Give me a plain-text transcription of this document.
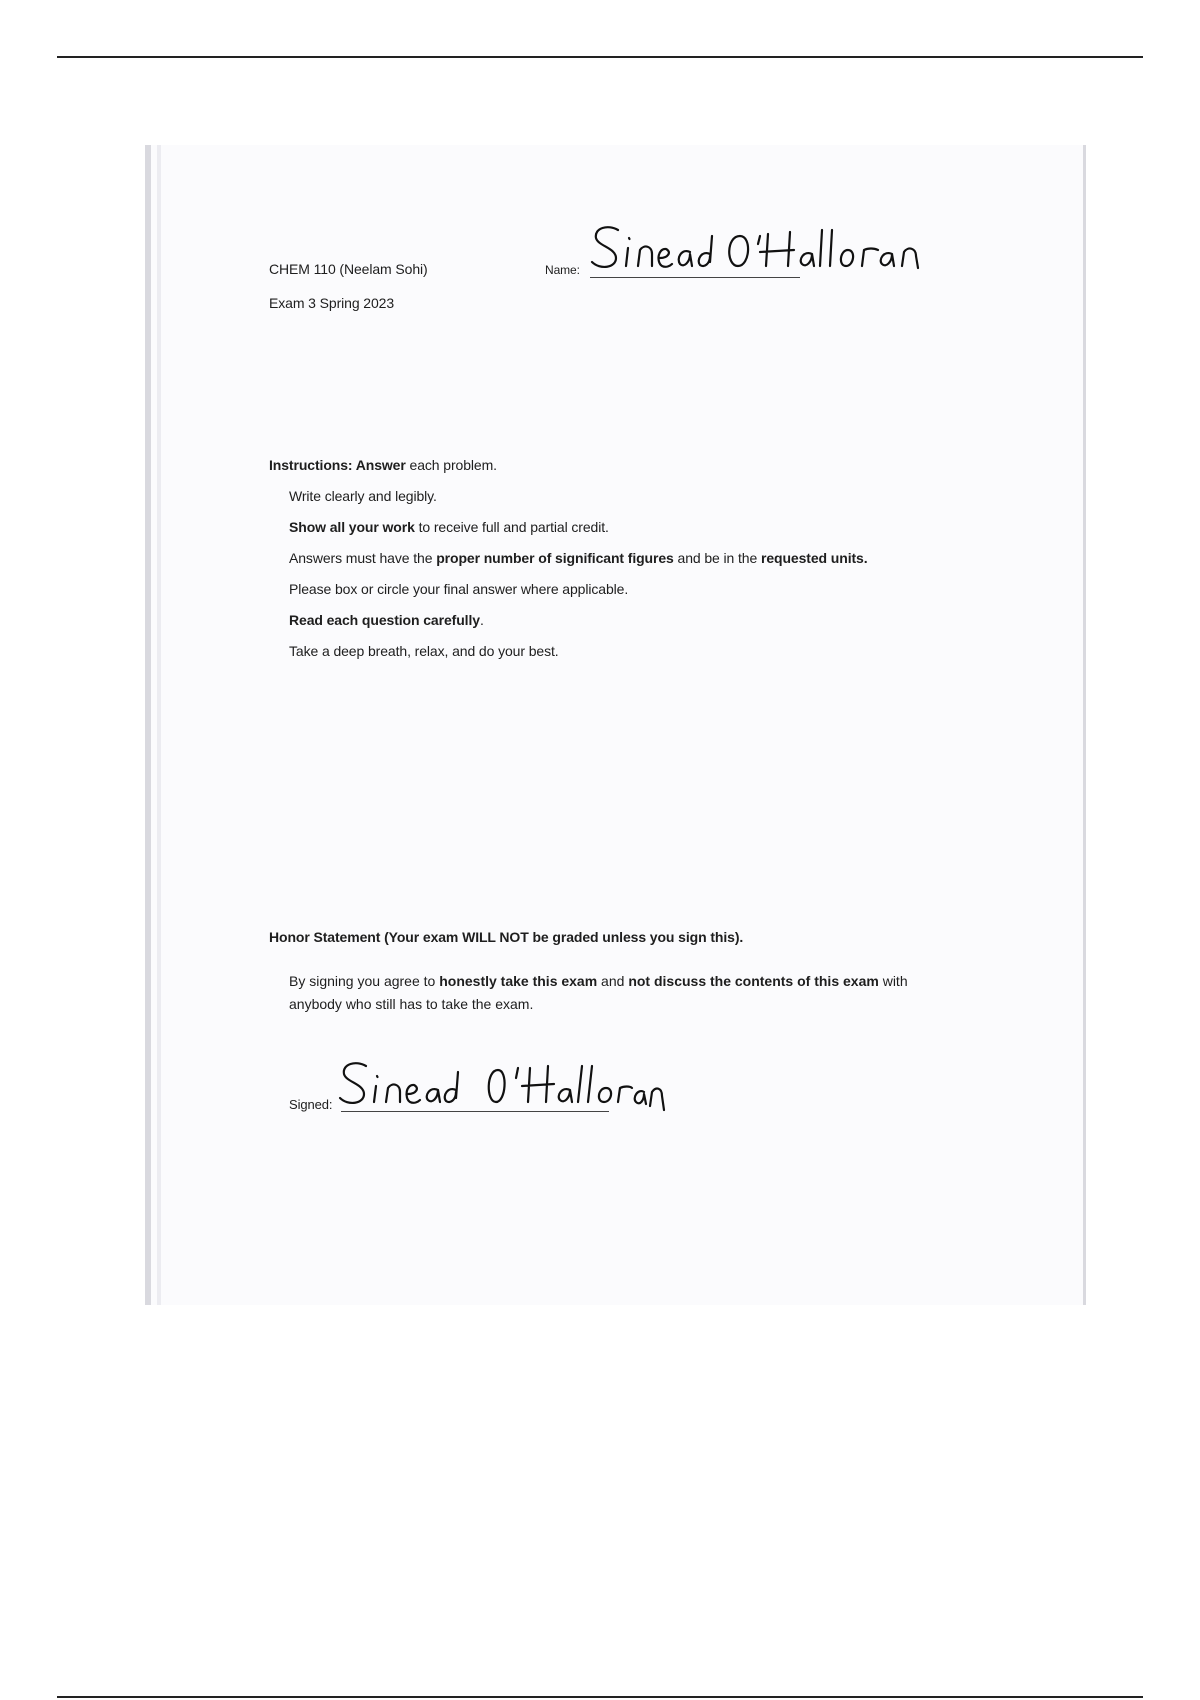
CHEM 110 (Neelam Sohi)
Exam 3 Spring 2023
Name:
Instructions: Answer each problem.
Write clearly and legibly.
Show all your work to receive full and partial credit.
Answers must have the proper number of significant figures and be in the requested units.
Please box or circle your final answer where applicable.
Read each question carefully.
Take a deep breath, relax, and do your best.
Honor Statement (Your exam WILL NOT be graded unless you sign this).
By signing you agree to honestly take this exam and not discuss the contents of this exam with anybody who still has to take the exam.
Signed:
